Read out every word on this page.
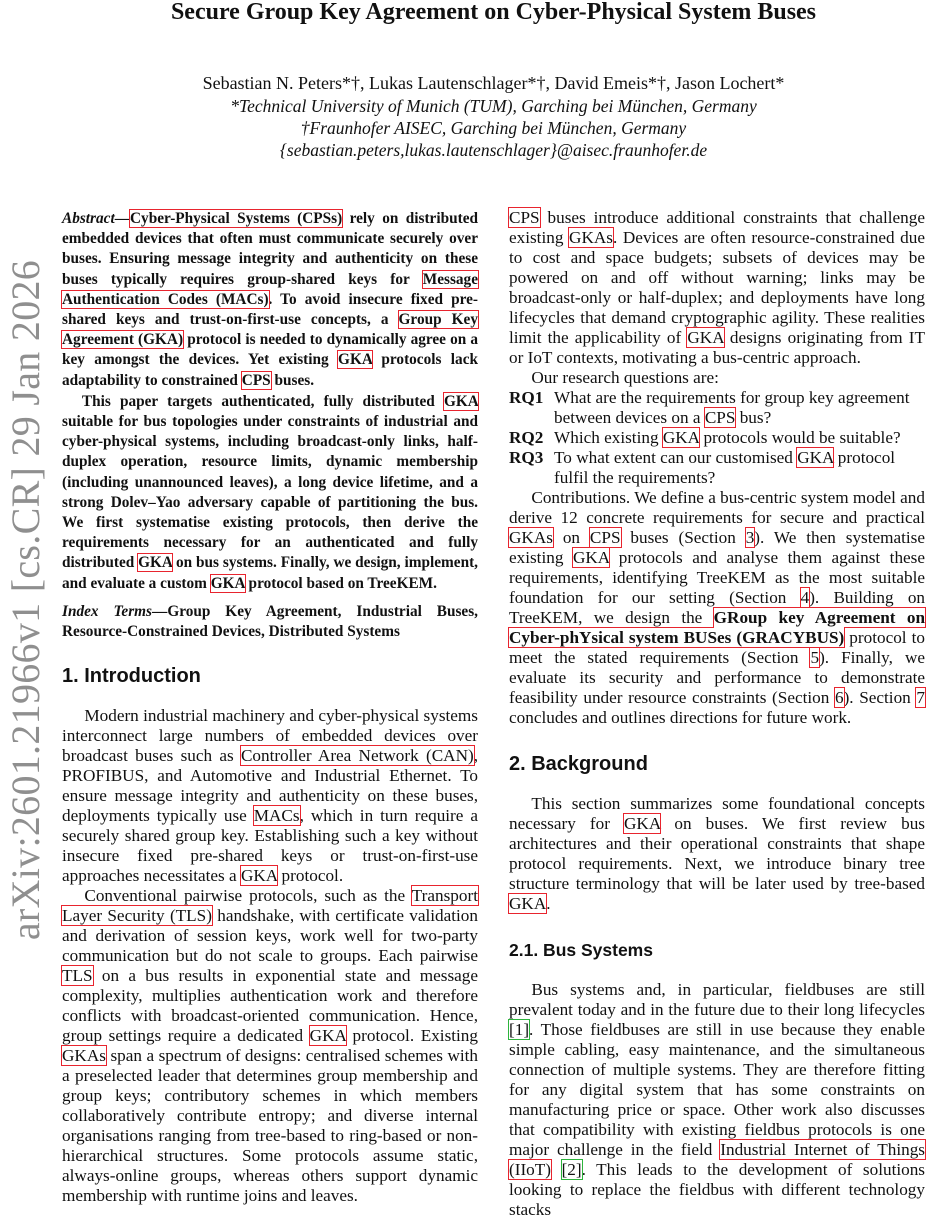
arXiv:2601.21966v1 [cs.CR] 29 Jan 2026
Secure Group Key Agreement on Cyber-Physical System Buses
Sebastian N. Peters*†, Lukas Lautenschlager*†, David Emeis*†, Jason Lochert*
*Technical University of Munich (TUM), Garching bei München, Germany
†Fraunhofer AISEC, Garching bei München, Germany
{sebastian.peters,lukas.lautenschlager}@aisec.fraunhofer.de

Abstract—Cyber-Physical Systems (CPSs) rely on distributed embedded devices that often must communicate securely over buses. Ensuring message integrity and authenticity on these buses typically requires group-shared keys for Message Authentication Codes (MACs). To avoid insecure fixed pre-shared keys and trust-on-first-use concepts, a Group Key Agreement (GKA) protocol is needed to dynamically agree on a key amongst the devices. Yet existing GKA protocols lack adaptability to constrained CPS buses.

This paper targets authenticated, fully distributed GKA suitable for bus topologies under constraints of industrial and cyber-physical systems, including broadcast-only links, half-duplex operation, resource limits, dynamic membership (including unannounced leaves), a long device lifetime, and a strong Dolev–Yao adversary capable of partitioning the bus. We first systematise existing protocols, then derive the requirements necessary for an authenticated and fully distributed GKA on bus systems. Finally, we design, implement, and evaluate a custom GKA protocol based on TreeKEM.

Index Terms—Group Key Agreement, Industrial Buses, Resource-Constrained Devices, Distributed Systems

1. Introduction

Modern industrial machinery and cyber-physical systems interconnect large numbers of embedded devices over broadcast buses such as Controller Area Network (CAN), PROFIBUS, and Automotive and Industrial Ethernet. To ensure message integrity and authenticity on these buses, deployments typically use MACs, which in turn require a securely shared group key. Establishing such a key without insecure fixed pre-shared keys or trust-on-first-use approaches necessitates a GKA protocol.

Conventional pairwise protocols, such as the Transport Layer Security (TLS) handshake, with certificate validation and derivation of session keys, work well for two-party communication but do not scale to groups. Each pairwise TLS on a bus results in exponential state and message complexity, multiplies authentication work and therefore conflicts with broadcast-oriented communication. Hence, group settings require a dedicated GKA protocol. Existing GKAs span a spectrum of designs: centralised schemes with a preselected leader that determines group membership and group keys; contributory schemes in which members collaboratively contribute entropy; and diverse internal organisations ranging from tree-based to ring-based or non-hierarchical structures. Some protocols assume static, always-online groups, whereas others support dynamic membership with runtime joins and leaves.

CPS buses introduce additional constraints that challenge existing GKAs. Devices are often resource-constrained due to cost and space budgets; subsets of devices may be powered on and off without warning; links may be broadcast-only or half-duplex; and deployments have long lifecycles that demand cryptographic agility. These realities limit the applicability of GKA designs originating from IT or IoT contexts, motivating a bus-centric approach.

Our research questions are:

RQ1 What are the requirements for group key agreement between devices on a CPS bus?
RQ2 Which existing GKA protocols would be suitable?
RQ3 To what extent can our customised GKA protocol fulfil the requirements?

Contributions. We define a bus-centric system model and derive 12 concrete requirements for secure and practical GKAs on CPS buses (Section 3). We then systematise existing GKA protocols and analyse them against these requirements, identifying TreeKEM as the most suitable foundation for our setting (Section 4). Building on TreeKEM, we design the GRoup key Agreement on Cyber-phYsical system BUSes (GRACYBUS) protocol to meet the stated requirements (Section 5). Finally, we evaluate its security and performance to demonstrate feasibility under resource constraints (Section 6). Section 7 concludes and outlines directions for future work.

2. Background

This section summarizes some foundational concepts necessary for GKA on buses. We first review bus architectures and their operational constraints that shape protocol requirements. Next, we introduce binary tree structure terminology that will be later used by tree-based GKA.

2.1. Bus Systems

Bus systems and, in particular, fieldbuses are still prevalent today and in the future due to their long lifecycles [1]. Those fieldbuses are still in use because they enable simple cabling, easy maintenance, and the simultaneous connection of multiple systems. They are therefore fitting for any digital system that has some constraints on manufacturing price or space. Other work also discusses that compatibility with existing fieldbus protocols is one major challenge in the field Industrial Internet of Things (IIoT) [2]. This leads to the development of solutions looking to replace the fieldbus with different technology stacks
